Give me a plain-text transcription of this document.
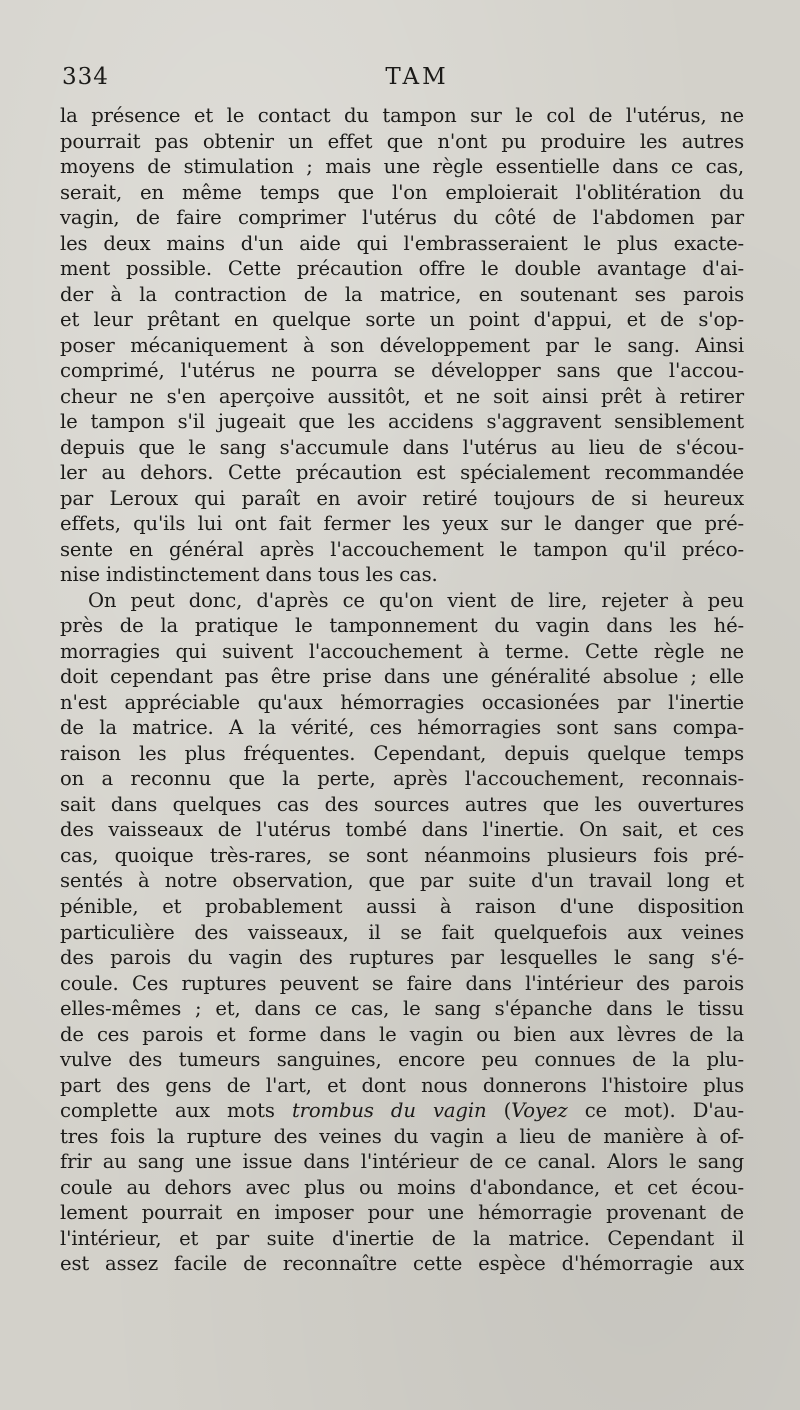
334	TAM
la présence et le contact du tampon sur le col de l'utérus, ne
pourrait pas obtenir un effet que n'ont pu produire les autres
moyens de stimulation ; mais une règle essentielle dans ce cas,
serait, en même temps que l'on emploierait l'oblitération du
vagin, de faire comprimer l'utérus du côté de l'abdomen par
les deux mains d'un aide qui l'embrasseraient le plus exacte-
ment possible. Cette précaution offre le double avantage d'ai-
der à la contraction de la matrice, en soutenant ses parois
et leur prêtant en quelque sorte un point d'appui, et de s'op-
poser mécaniquement à son développement par le sang. Ainsi
comprimé, l'utérus ne pourra se développer sans que l'accou-
cheur ne s'en aperçoive aussitôt, et ne soit ainsi prêt à retirer
le tampon s'il jugeait que les accidens s'aggravent sensiblement
depuis que le sang s'accumule dans l'utérus au lieu de s'écou-
ler au dehors. Cette précaution est spécialement recommandée
par Leroux qui paraît en avoir retiré toujours de si heureux
effets, qu'ils lui ont fait fermer les yeux sur le danger que pré-
sente en général après l'accouchement le tampon qu'il préco-
nise indistinctement dans tous les cas.
On peut donc, d'après ce qu'on vient de lire, rejeter à peu
près de la pratique le tamponnement du vagin dans les hé-
morragies qui suivent l'accouchement à terme. Cette règle ne
doit cependant pas être prise dans une généralité absolue ; elle
n'est appréciable qu'aux hémorragies occasionées par l'inertie
de la matrice. A la vérité, ces hémorragies sont sans compa-
raison les plus fréquentes. Cependant, depuis quelque temps
on a reconnu que la perte, après l'accouchement, reconnais-
sait dans quelques cas des sources autres que les ouvertures
des vaisseaux de l'utérus tombé dans l'inertie. On sait, et ces
cas, quoique très-rares, se sont néanmoins plusieurs fois pré-
sentés à notre observation, que par suite d'un travail long et
pénible, et probablement aussi à raison d'une disposition
particulière des vaisseaux, il se fait quelquefois aux veines
des parois du vagin des ruptures par lesquelles le sang s'é-
coule. Ces ruptures peuvent se faire dans l'intérieur des parois
elles-mêmes ; et, dans ce cas, le sang s'épanche dans le tissu
de ces parois et forme dans le vagin ou bien aux lèvres de la
vulve des tumeurs sanguines, encore peu connues de la plu-
part des gens de l'art, et dont nous donnerons l'histoire plus
complette aux mots trombus du vagin (Voyez ce mot). D'au-
tres fois la rupture des veines du vagin a lieu de manière à of-
frir au sang une issue dans l'intérieur de ce canal. Alors le sang
coule au dehors avec plus ou moins d'abondance, et cet écou-
lement pourrait en imposer pour une hémorragie provenant de
l'intérieur, et par suite d'inertie de la matrice. Cependant il
est assez facile de reconnaître cette espèce d'hémorragie aux
